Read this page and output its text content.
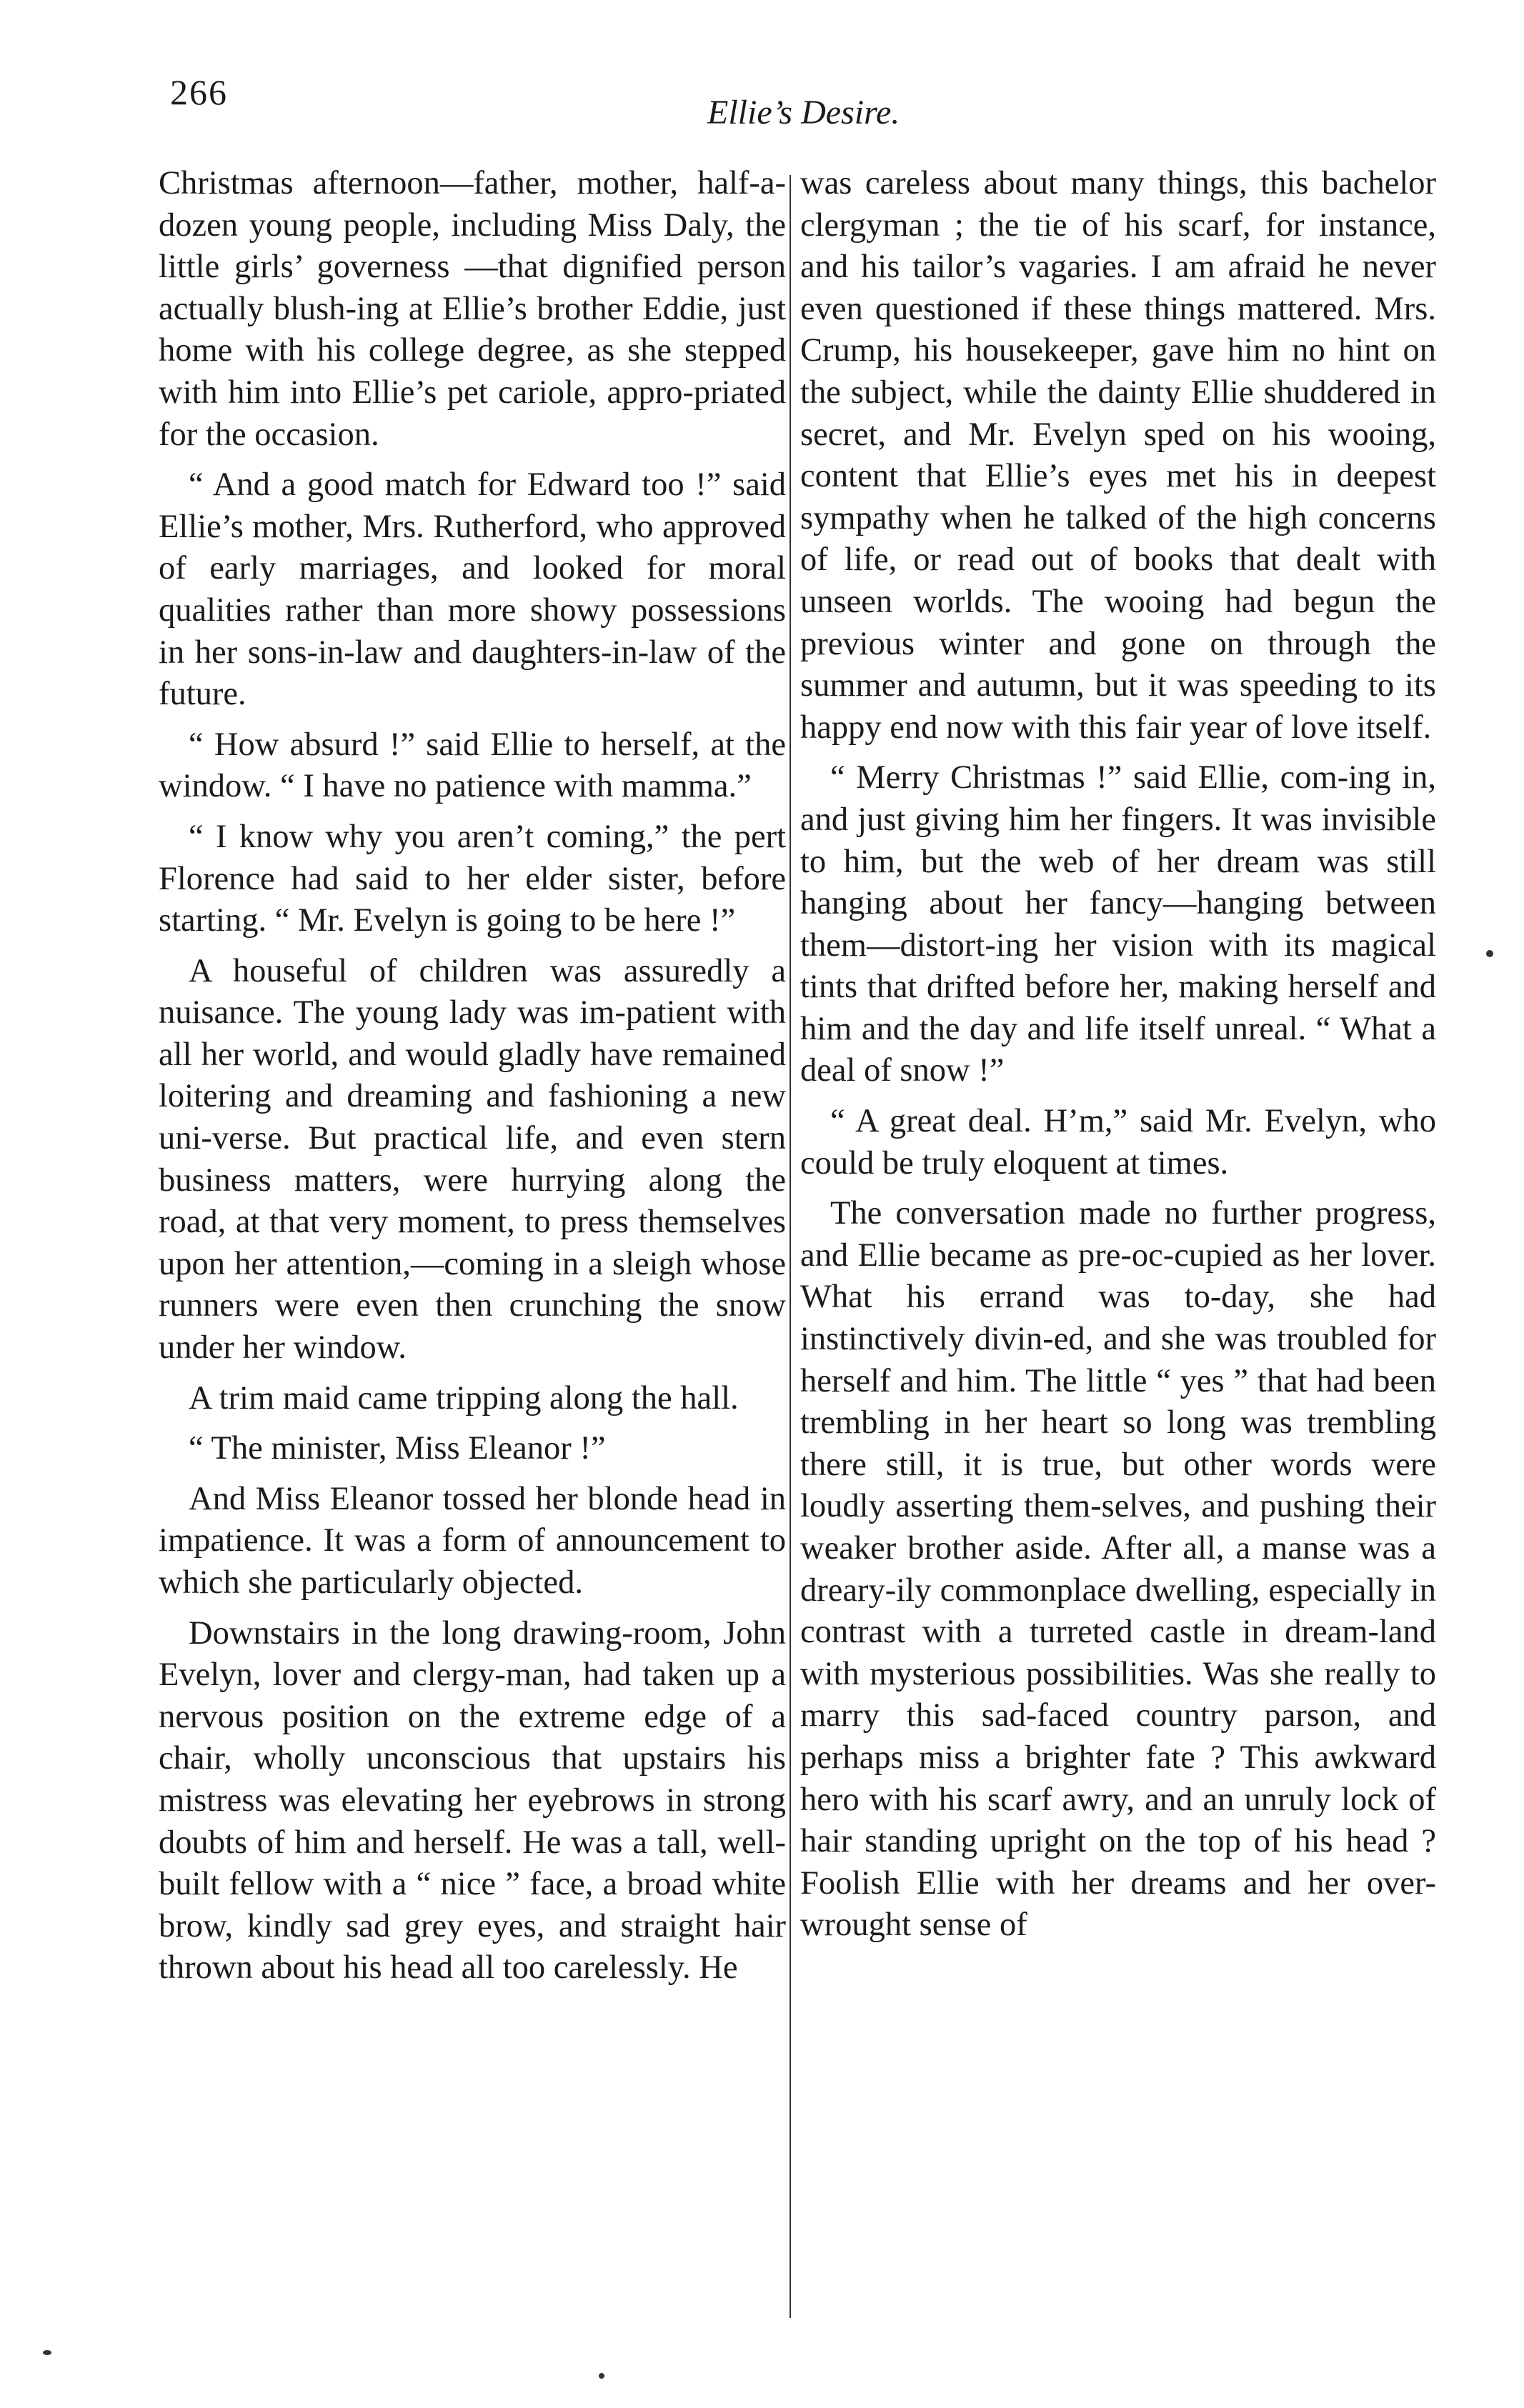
266
Ellie’s Desire.

Christmas afternoon—father, mother, half-a-dozen young people, including Miss Daly, the little girls’ governess —that dignified person actually blush-ing at Ellie’s brother Eddie, just home with his college degree, as she stepped with him into Ellie’s pet cariole, appro-priated for the occasion.

“ And a good match for Edward too !” said Ellie’s mother, Mrs. Rutherford, who approved of early marriages, and looked for moral qualities rather than more showy possessions in her sons-in-law and daughters-in-law of the future.

“ How absurd !” said Ellie to herself, at the window. “ I have no patience with mamma.”

“ I know why you aren’t coming,” the pert Florence had said to her elder sister, before starting. “ Mr. Evelyn is going to be here !”

A houseful of children was assuredly a nuisance. The young lady was im-patient with all her world, and would gladly have remained loitering and dreaming and fashioning a new uni-verse. But practical life, and even stern business matters, were hurrying along the road, at that very moment, to press themselves upon her attention,—coming in a sleigh whose runners were even then crunching the snow under her window.

A trim maid came tripping along the hall.

“ The minister, Miss Eleanor !”

And Miss Eleanor tossed her blonde head in impatience. It was a form of announcement to which she particularly objected.

Downstairs in the long drawing-room, John Evelyn, lover and clergy-man, had taken up a nervous position on the extreme edge of a chair, wholly unconscious that upstairs his mistress was elevating her eyebrows in strong doubts of him and herself. He was a tall, well-built fellow with a “ nice ” face, a broad white brow, kindly sad grey eyes, and straight hair thrown about his head all too carelessly. He

was careless about many things, this bachelor clergyman ; the tie of his scarf, for instance, and his tailor’s vagaries. I am afraid he never even questioned if these things mattered. Mrs. Crump, his housekeeper, gave him no hint on the subject, while the dainty Ellie shuddered in secret, and Mr. Evelyn sped on his wooing, content that Ellie’s eyes met his in deepest sympathy when he talked of the high concerns of life, or read out of books that dealt with unseen worlds. The wooing had begun the previous winter and gone on through the summer and autumn, but it was speeding to its happy end now with this fair year of love itself.

“ Merry Christmas !” said Ellie, com-ing in, and just giving him her fingers. It was invisible to him, but the web of her dream was still hanging about her fancy—hanging between them—distort-ing her vision with its magical tints that drifted before her, making herself and him and the day and life itself unreal. “ What a deal of snow !”

“ A great deal. H’m,” said Mr. Evelyn, who could be truly eloquent at times.

The conversation made no further progress, and Ellie became as pre-oc-cupied as her lover. What his errand was to-day, she had instinctively divin-ed, and she was troubled for herself and him. The little “ yes ” that had been trembling in her heart so long was trembling there still, it is true, but other words were loudly asserting them-selves, and pushing their weaker brother aside. After all, a manse was a dreary-ily commonplace dwelling, especially in contrast with a turreted castle in dream-land with mysterious possibilities. Was she really to marry this sad-faced country parson, and perhaps miss a brighter fate ? This awkward hero with his scarf awry, and an unruly lock of hair standing upright on the top of his head ? Foolish Ellie with her dreams and her over-wrought sense of
